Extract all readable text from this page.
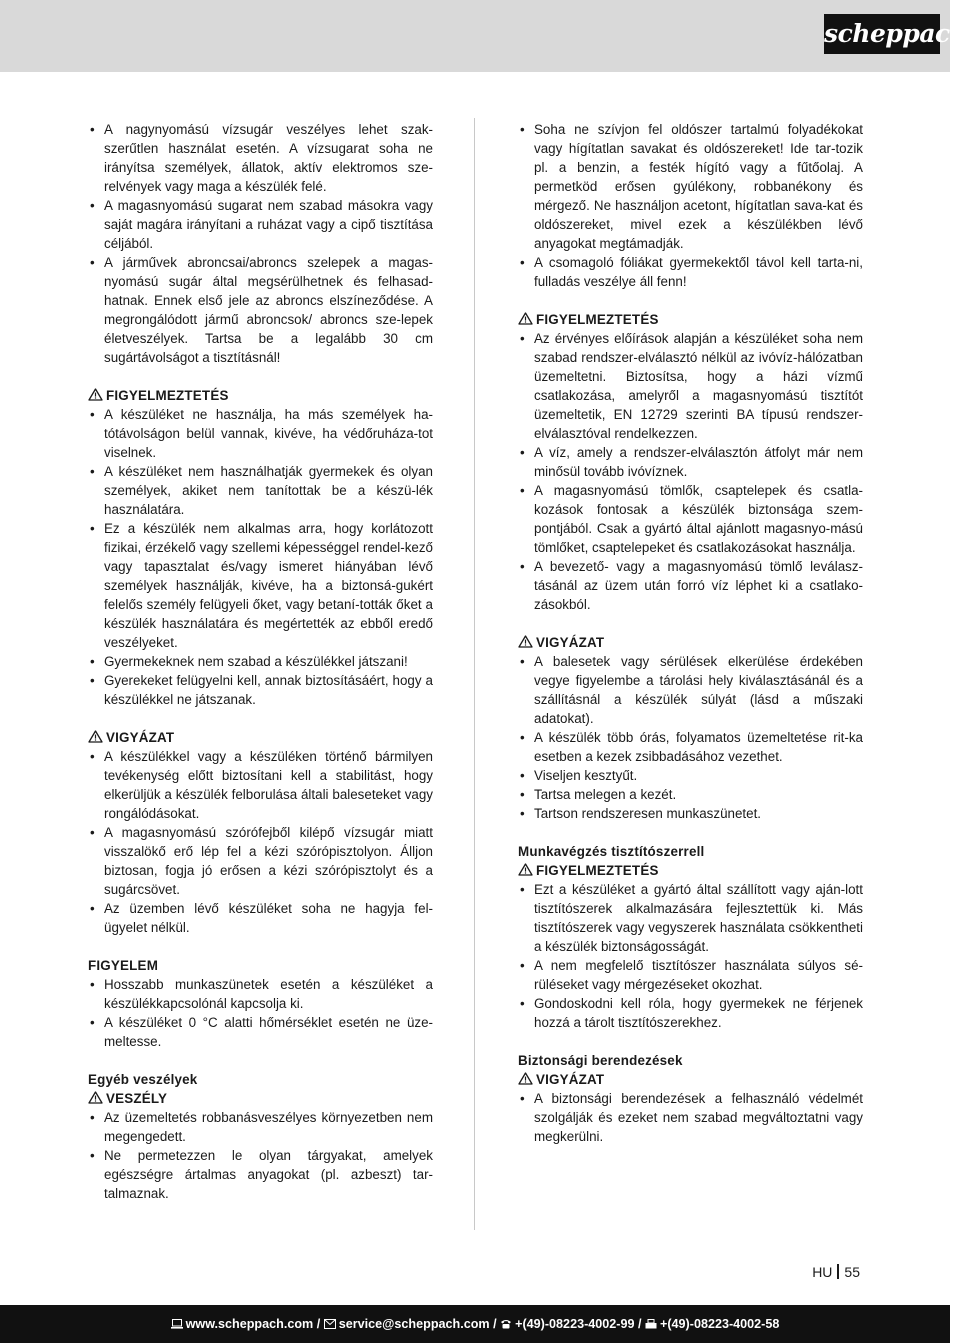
scheppach
• A nagynyomású vízsugár veszélyes lehet szak-szerűtlen használat esetén. A vízsugarat soha ne irányítsa személyek, állatok, aktív elektromos sze-relvények vagy maga a készülék felé.
• A magasnyomású sugarat nem szabad másokra vagy saját magára irányítani a ruházat vagy a cipő tisztítása céljából.
• A járművek abroncsai/abroncs szelepek a magas-nyomású sugár által megsérülhetnek és felhasad-hatnak. Ennek első jele az abroncs elszíneződése. A megrongálódott jármű abroncsok/ abroncs sze-lepek életveszélyek. Tartsa be a legalább 30 cm sugártávolságot a tisztításnál!
FIGYELMEZTETÉS
• A készüléket ne használja, ha más személyek ha-tótávolságon belül vannak, kivéve, ha védőruháza-tot viselnek.
• A készüléket nem használhatják gyermekek és olyan személyek, akiket nem tanítottak be a készü-lék használatára.
• Ez a készülék nem alkalmas arra, hogy korlátozott fizikai, érzékelő vagy szellemi képességgel rendel-kező vagy tapasztalat és/vagy ismeret hiányában lévő személyek használják, kivéve, ha a biztonsá-gukért felelős személy felügyeli őket, vagy betaní-tották őket a készülék használatára és megértették az ebből eredő veszélyeket.
• Gyermekeknek nem szabad a készülékkel játszani!
• Gyerekeket felügyelni kell, annak biztosításáért, hogy a készülékkel ne játszanak.
VIGYÁZAT
• A készülékkel vagy a készüléken történő bármilyen tevékenység előtt biztosítani kell a stabilitást, hogy elkerüljük a készülék felborulása általi baleseteket vagy rongálódásokat.
• A magasnyomású szórófejből kilépő vízsugár miatt visszalökő erő lép fel a kézi szórópisztolyon. Álljon biztosan, fogja jó erősen a kézi szórópisztolyt és a sugárcsövet.
• Az üzemben lévő készüléket soha ne hagyja fel-ügyelet nélkül.
FIGYELEM
• Hosszabb munkaszünetek esetén a készüléket a készülékkapcsolónál kapcsolja ki.
• A készüléket 0 °C alatti hőmérséklet esetén ne üze-meltesse.
Egyéb veszélyek
VESZÉLY
• Az üzemeltetés robbanásveszélyes környezetben nem megengedett.
• Ne permetezzen le olyan tárgyakat, amelyek egészségre ártalmas anyagokat (pl. azbeszt) tar-talmaznak.
• Soha ne szívjon fel oldószer tartalmú folyadékokat vagy hígítatlan savakat és oldószereket! Ide tar-tozik pl. a benzin, a festék hígító vagy a fűtőolaj. A permetköd erősen gyúlékony, robbanékony és mérgező. Ne használjon acetont, hígítatlan sava-kat és oldószereket, mivel ezek a készülékben lévő anyagokat megtámadják.
• A csomagoló fóliákat gyermekektől távol kell tarta-ni, fulladás veszélye áll fenn!
FIGYELMEZTETÉS
• Az érvényes előírások alapján a készüléket soha nem szabad rendszer-elválasztó nélkül az ivóvíz-hálózatban üzemeltetni. Biztosítsa, hogy a házi vízmű csatlakozása, amelyről a magasnyomású tisztítót üzemeltetik, EN 12729 szerinti BA típusú rendszer-elválasztóval rendelkezzen.
• A víz, amely a rendszer-elválasztón átfolyt már nem minősül tovább ivóvíznek.
• A magasnyomású tömlők, csaptelepek és csatla-kozások fontosak a készülék biztonsága szem-pontjából. Csak a gyártó által ajánlott magasnyo-mású tömlőket, csaptelepeket és csatlakozásokat használja.
• A bevezető- vagy a magasnyomású tömlő leválasz-tásánál az üzem után forró víz léphet ki a csatlako-zásokból.
VIGYÁZAT
• A balesetek vagy sérülések elkerülése érdekében vegye figyelembe a tárolási hely kiválasztásánál és a szállításnál a készülék súlyát (lásd a műszaki adatokat).
• A készülék több órás, folyamatos üzemeltetése rit-ka esetben a kezek zsibbadásához vezethet.
• Viseljen kesztyűt.
• Tartsa melegen a kezét.
• Tartson rendszeresen munkaszünetet.
Munkavégzés tisztítószerrell
FIGYELMEZTETÉS
• Ezt a készüléket a gyártó által szállított vagy aján-lott tisztítószerek alkalmazására fejlesztettük ki. Más tisztítószerek vagy vegyszerek használata csökkentheti a készülék biztonságosságát.
• A nem megfelelő tisztítószer használata súlyos sé-rüléseket vagy mérgezéseket okozhat.
• Gondoskodni kell róla, hogy gyermekek ne férjenek hozzá a tárolt tisztítószerekhez.
Biztonsági berendezések
VIGYÁZAT
• A biztonsági berendezések a felhasználó védelmét szolgálják és ezeket nem szabad megváltoztatni vagy megkerülni.
HU 55
www.scheppach.com / service@scheppach.com / +(49)-08223-4002-99 / +(49)-08223-4002-58
